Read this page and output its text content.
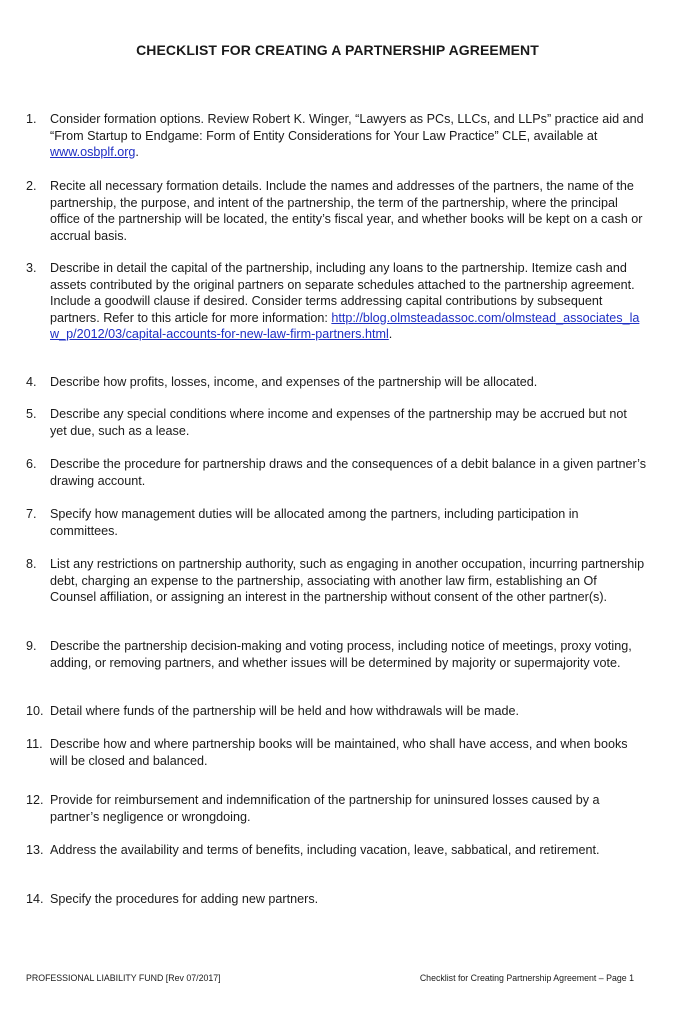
CHECKLIST FOR CREATING A PARTNERSHIP AGREEMENT
1. Consider formation options. Review Robert K. Winger, “Lawyers as PCs, LLCs, and LLPs” practice aid and “From Startup to Endgame: Form of Entity Considerations for Your Law Practice” CLE, available at www.osbplf.org.
2. Recite all necessary formation details. Include the names and addresses of the partners, the name of the partnership, the purpose, and intent of the partnership, the term of the partnership, where the principal office of the partnership will be located, the entity’s fiscal year, and whether books will be kept on a cash or accrual basis.
3. Describe in detail the capital of the partnership, including any loans to the partnership. Itemize cash and assets contributed by the original partners on separate schedules attached to the partnership agreement. Include a goodwill clause if desired. Consider terms addressing capital contributions by subsequent partners. Refer to this article for more information: http://blog.olmsteadassoc.com/olmstead_associates_law_p/2012/03/capital-accounts-for-new-law-firm-partners.html.
4. Describe how profits, losses, income, and expenses of the partnership will be allocated.
5. Describe any special conditions where income and expenses of the partnership may be accrued but not yet due, such as a lease.
6. Describe the procedure for partnership draws and the consequences of a debit balance in a given partner’s drawing account.
7. Specify how management duties will be allocated among the partners, including participation in committees.
8. List any restrictions on partnership authority, such as engaging in another occupation, incurring partnership debt, charging an expense to the partnership, associating with another law firm, establishing an Of Counsel affiliation, or assigning an interest in the partnership without consent of the other partner(s).
9. Describe the partnership decision-making and voting process, including notice of meetings, proxy voting, adding, or removing partners, and whether issues will be determined by majority or supermajority vote.
10. Detail where funds of the partnership will be held and how withdrawals will be made.
11. Describe how and where partnership books will be maintained, who shall have access, and when books will be closed and balanced.
12. Provide for reimbursement and indemnification of the partnership for uninsured losses caused by a partner’s negligence or wrongdoing.
13. Address the availability and terms of benefits, including vacation, leave, sabbatical, and retirement.
14. Specify the procedures for adding new partners.
PROFESSIONAL LIABILITY FUND [Rev 07/2017]	Checklist for Creating Partnership Agreement – Page 1
